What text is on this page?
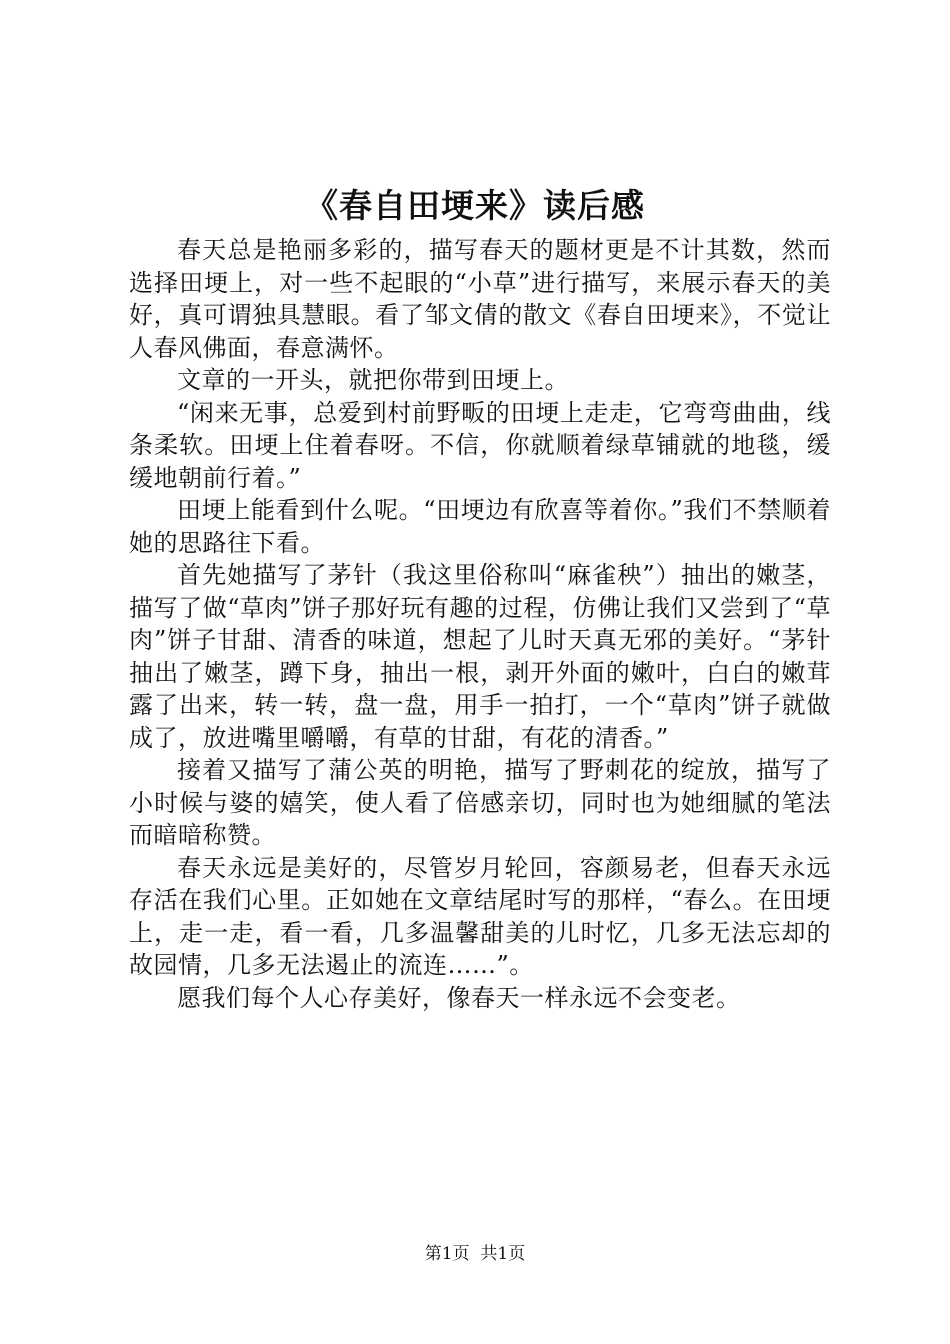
《春自田埂来》读后感

春天总是艳丽多彩的，描写春天的题材更是不计其数，然而选择田埂上，对一些不起眼的“小草”进行描写，来展示春天的美好，真可谓独具慧眼。看了邹文倩的散文《春自田埂来》，不觉让人春风佛面，春意满怀。

文章的一开头，就把你带到田埂上。

“闲来无事，总爱到村前野畈的田埂上走走，它弯弯曲曲，线条柔软。田埂上住着春呀。不信，你就顺着绿草铺就的地毯，缓缓地朝前行着。”

田埂上能看到什么呢。“田埂边有欣喜等着你。”我们不禁顺着她的思路往下看。

首先她描写了茅针（我这里俗称叫“麻雀秧”）抽出的嫩茎，描写了做“草肉”饼子那好玩有趣的过程，仿佛让我们又尝到了“草肉”饼子甘甜、清香的味道，想起了儿时天真无邪的美好。“茅针抽出了嫩茎，蹲下身，抽出一根，剥开外面的嫩叶，白白的嫩茸露了出来，转一转，盘一盘，用手一拍打，一个“草肉”饼子就做成了，放进嘴里嚼嚼，有草的甘甜，有花的清香。”

接着又描写了蒲公英的明艳，描写了野刺花的绽放，描写了小时候与婆的嬉笑，使人看了倍感亲切，同时也为她细腻的笔法而暗暗称赞。

春天永远是美好的，尽管岁月轮回，容颜易老，但春天永远存活在我们心里。正如她在文章结尾时写的那样，“春么。在田埂上，走一走，看一看，几多温馨甜美的儿时忆，几多无法忘却的故园情，几多无法遏止的流连……”。

愿我们每个人心存美好，像春天一样永远不会变老。

第1页 共1页
